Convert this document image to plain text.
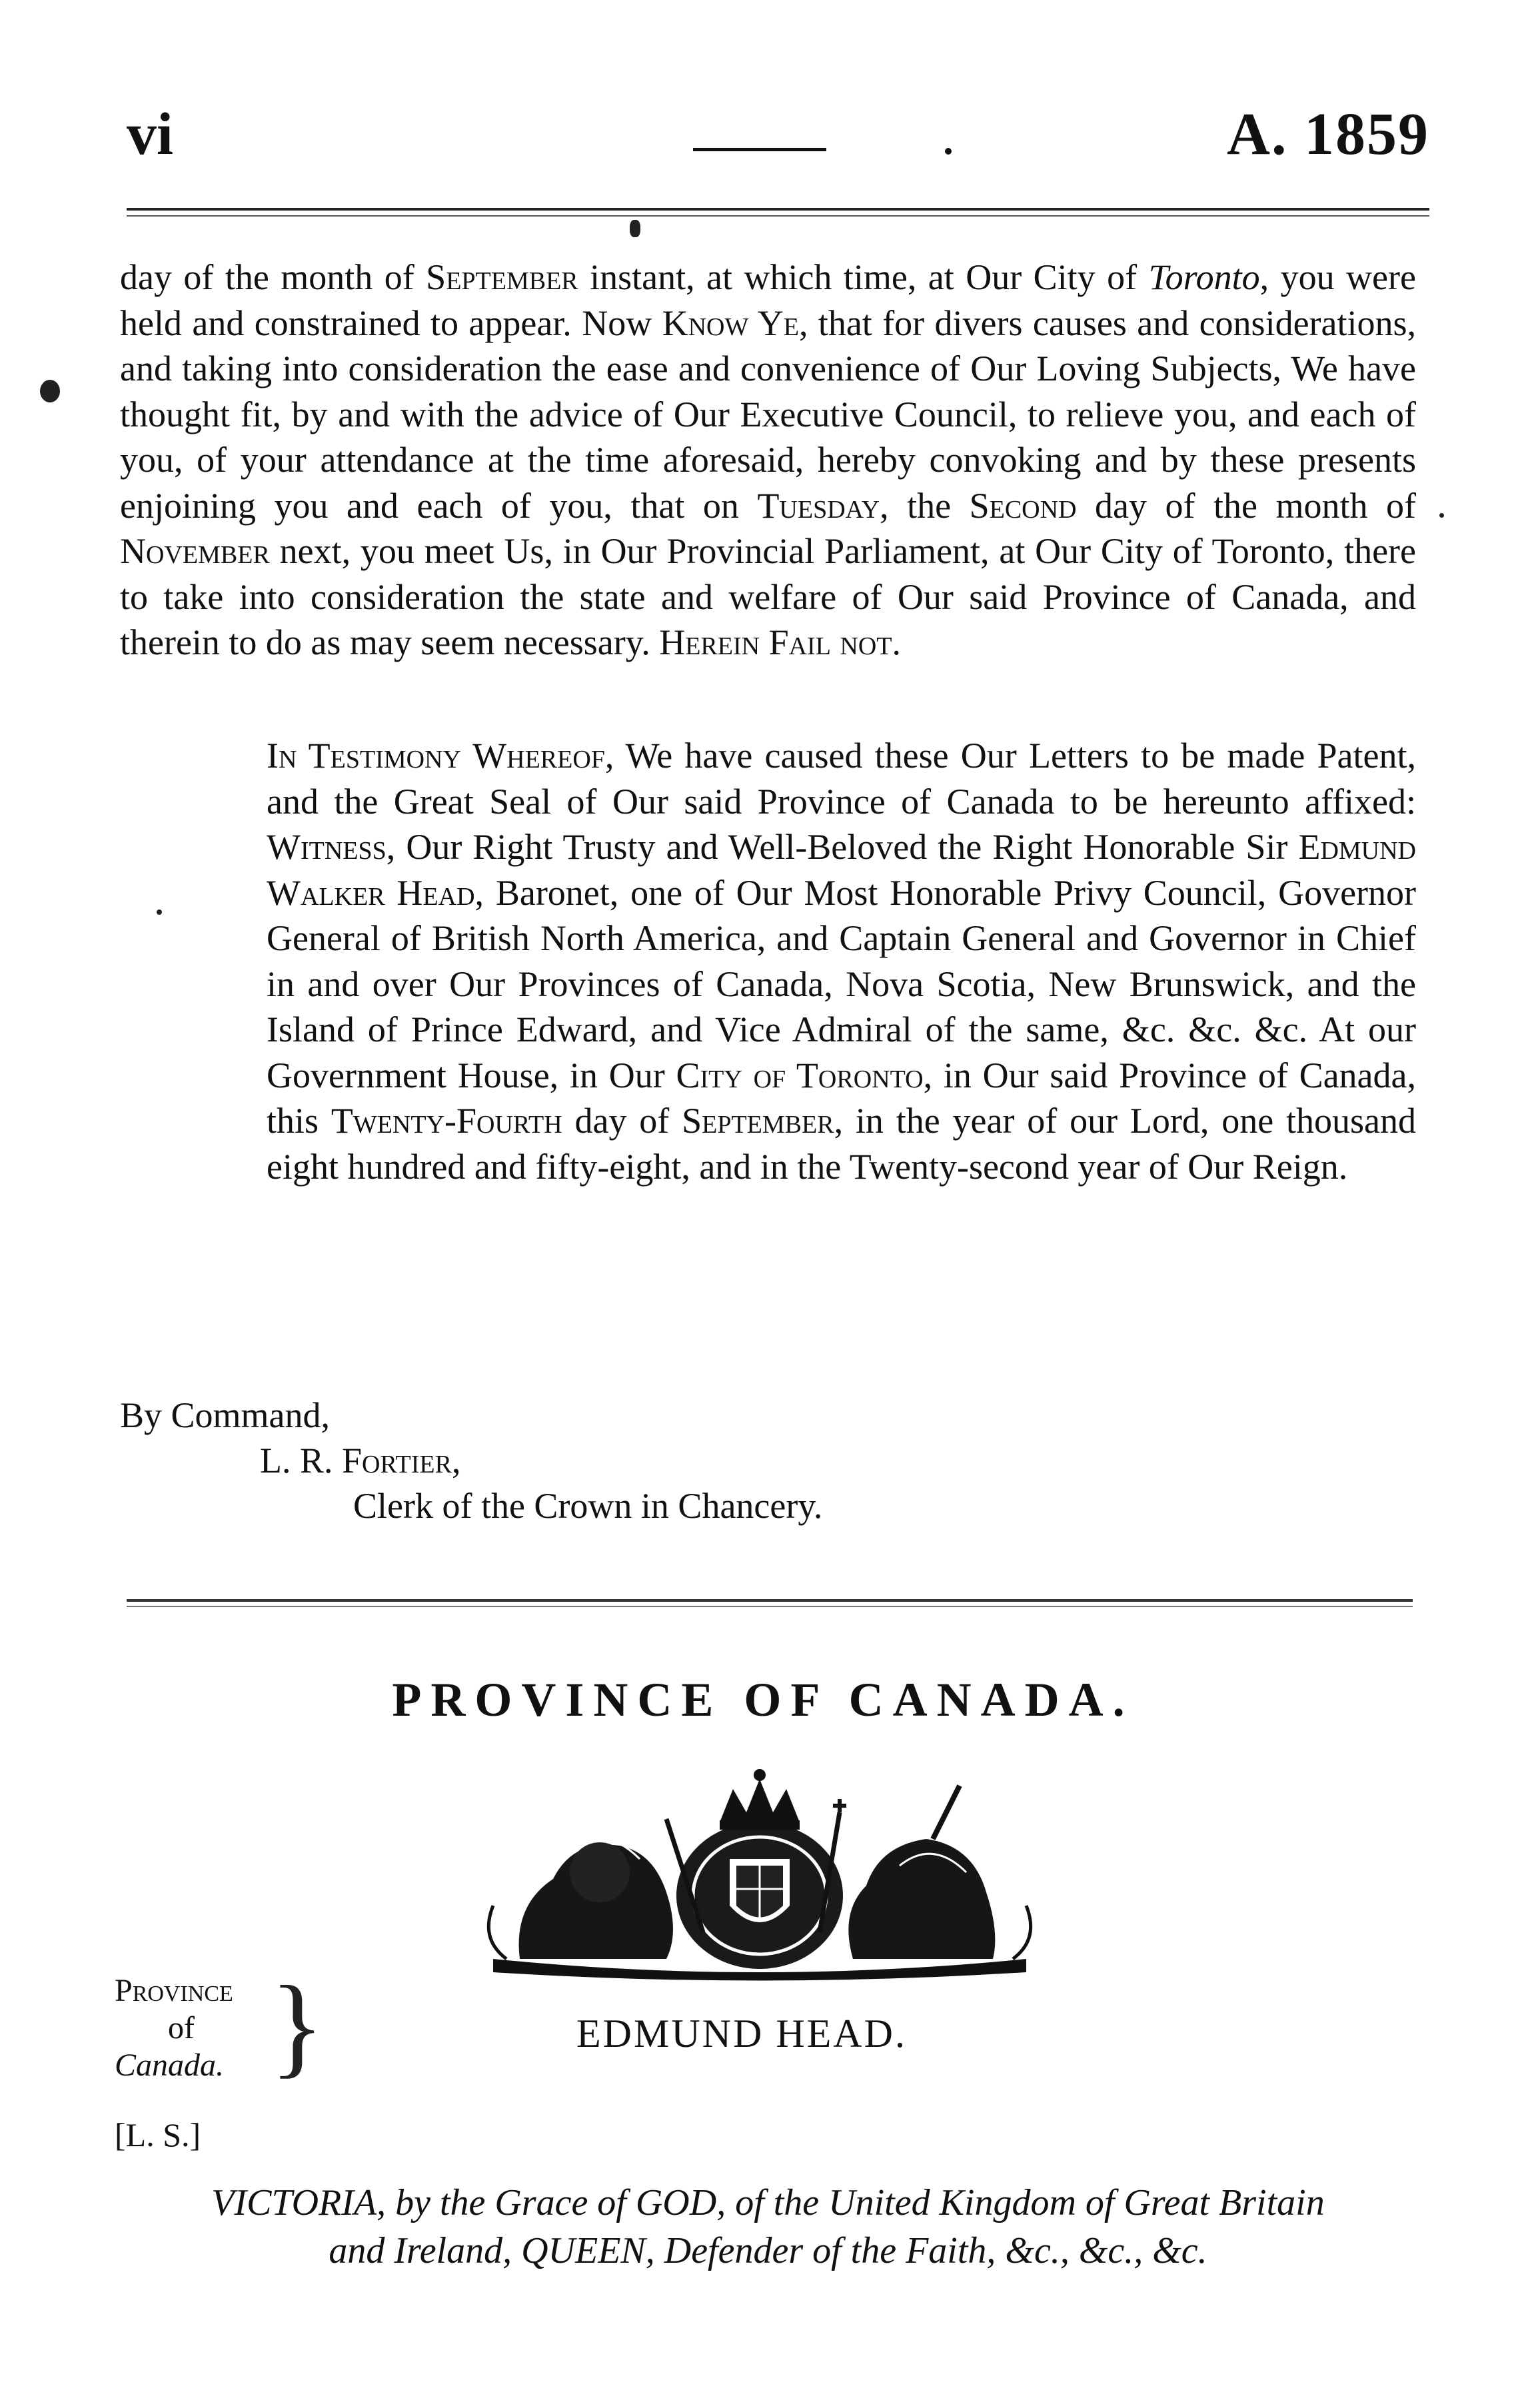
vi	A. 1859

day of the month of September instant, at which time, at Our City of Toronto, you were held and constrained to appear. Now Know Ye, that for divers causes and considerations, and taking into consideration the ease and convenience of Our Loving Subjects, We have thought fit, by and with the advice of Our Executive Council, to relieve you, and each of you, of your attendance at the time aforesaid, hereby convoking and by these presents enjoining you and each of you, that on Tuesday, the Second day of the month of November next, you meet Us, in Our Provincial Parliament, at Our City of Toronto, there to take into consideration the state and welfare of Our said Province of Canada, and therein to do as may seem necessary. Herein Fail not.

In Testimony Whereof, We have caused these Our Letters to be made Patent, and the Great Seal of Our said Province of Canada to be hereunto affixed: Witness, Our Right Trusty and Well-Beloved the Right Honorable Sir Edmund Walker Head, Baronet, one of Our Most Honorable Privy Council, Governor General of British North America, and Captain General and Governor in Chief in and over Our Provinces of Canada, Nova Scotia, New Brunswick, and the Island of Prince Edward, and Vice Admiral of the same, &c. &c. &c. At our Government House, in Our City of Toronto, in Our said Province of Canada, this Twenty-Fourth day of September, in the year of our Lord, one thousand eight hundred and fifty-eight, and in the Twenty-second year of Our Reign.

By Command,
L. R. Fortier,
Clerk of the Crown in Chancery.
PROVINCE OF CANADA.
Province
of
Canada. }	EDMUND HEAD.
[L. S.]
VICTORIA, by the Grace of GOD, of the United Kingdom of Great Britain
and Ireland, QUEEN, Defender of the Faith, &c., &c., &c.
